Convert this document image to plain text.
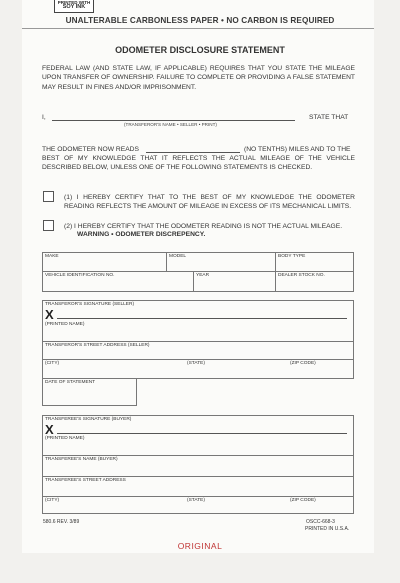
PRINTED WITH
SOY INK
UNALTERABLE CARBONLESS PAPER • NO CARBON IS REQUIRED
ODOMETER DISCLOSURE STATEMENT
FEDERAL LAW (AND STATE LAW, IF APPLICABLE) REQUIRES THAT YOU STATE THE MILEAGE UPON TRANSFER OF OWNERSHIP. FAILURE TO COMPLETE OR PROVIDING A FALSE STATEMENT MAY RESULT IN FINES AND/OR IMPRISONMENT.
I,
(TRANSFEROR'S NAME • SELLER • PRINT)
STATE THAT
THE ODOMETER NOW READS	(NO TENTHS) MILES AND TO THE
BEST OF MY KNOWLEDGE THAT IT REFLECTS THE ACTUAL MILEAGE OF THE VEHICLE DESCRIBED BELOW, UNLESS ONE OF THE FOLLOWING STATEMENTS IS CHECKED.
(1) I HEREBY CERTIFY THAT TO THE BEST OF MY KNOWLEDGE THE ODOMETER READING REFLECTS THE AMOUNT OF MILEAGE IN EXCESS OF ITS MECHANICAL LIMITS.
(2) I HEREBY CERTIFY THAT THE ODOMETER READING IS NOT THE ACTUAL MILEAGE.
WARNING • ODOMETER DISCREPENCY.
MAKE	MODEL	BODY TYPE
VEHICLE IDENTIFICATION NO.	YEAR	DEALER STOCK NO.
TRANSFEROR'S SIGNATURE (SELLER)
X
(PRINTED NAME)
TRANSFEROR'S STREET ADDRESS (SELLER)
(CITY)	(STATE)	(ZIP CODE)
DATE OF STATEMENT
TRANSFEREE'S SIGNATURE (BUYER)
X
(PRINTED NAME)
TRANSFEREE'S NAME (BUYER)
TRANSFEREE'S STREET ADDRESS
(CITY)	(STATE)	(ZIP CODE)
580.6 REV. 3/89	OSCC-668-3
PRINTED IN U.S.A.
ORIGINAL
